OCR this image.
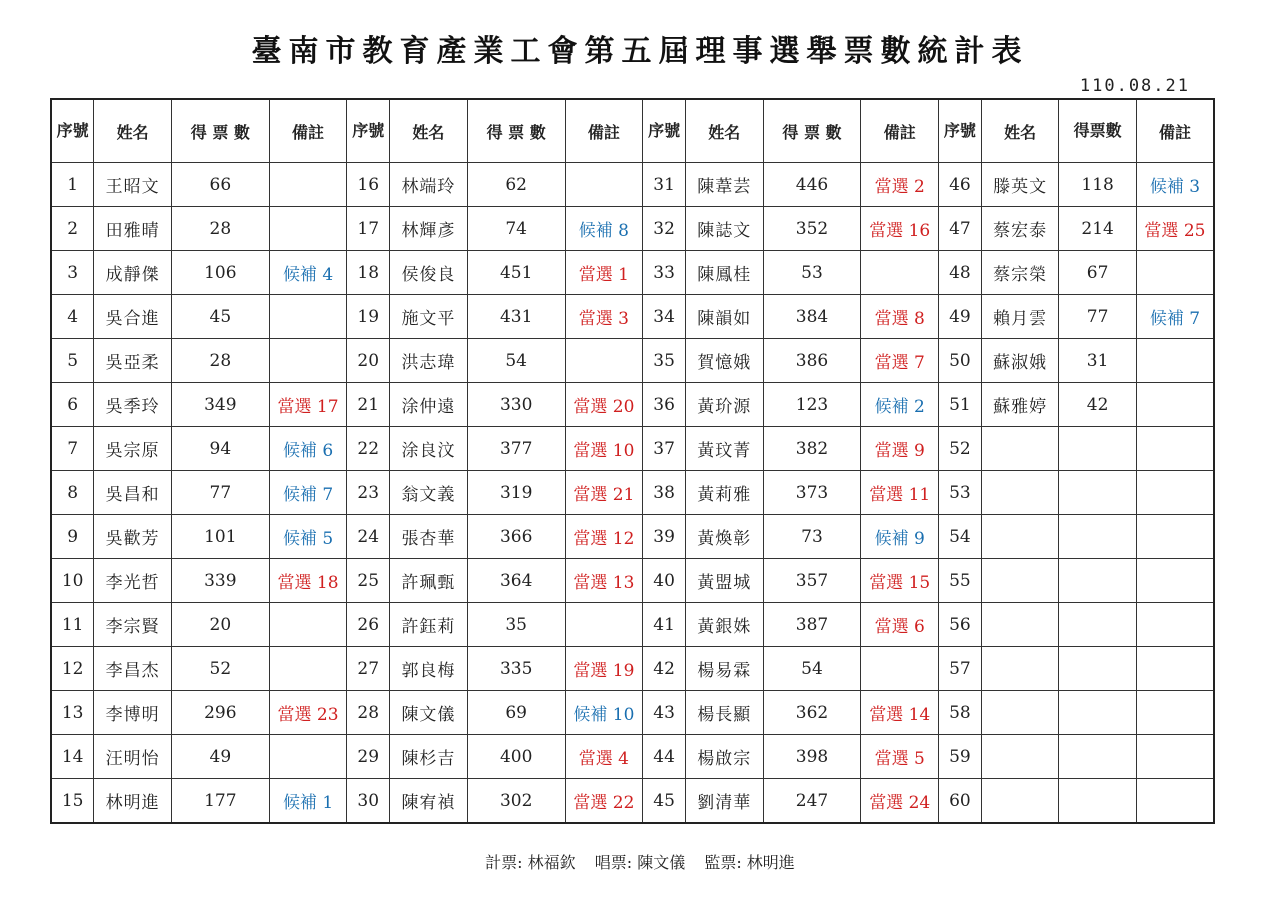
臺南市教育產業工會第五屆理事選舉票數統計表
110.08.21
序號	姓名	得 票 數	備註	序號	姓名	得 票 數	備註	序號	姓名	得 票 數	備註	序號	姓名	得票數	備註
1	王昭文	66		16	林端玲	62		31	陳葦芸	446	當選 2	46	滕英文	118	候補 3
2	田雅晴	28		17	林輝彥	74	候補 8	32	陳誌文	352	當選 16	47	蔡宏泰	214	當選 25
3	成靜傑	106	候補 4	18	侯俊良	451	當選 1	33	陳鳳桂	53		48	蔡宗榮	67	
4	吳合進	45		19	施文平	431	當選 3	34	陳韻如	384	當選 8	49	賴月雲	77	候補 7
5	吳亞柔	28		20	洪志瑋	54		35	賀憶娥	386	當選 7	50	蘇淑娥	31	
6	吳季玲	349	當選 17	21	涂仲遠	330	當選 20	36	黃玠源	123	候補 2	51	蘇雅婷	42	
7	吳宗原	94	候補 6	22	涂良汶	377	當選 10	37	黃玟菁	382	當選 9	52			
8	吳昌和	77	候補 7	23	翁文義	319	當選 21	38	黃莉雅	373	當選 11	53			
9	吳歡芳	101	候補 5	24	張杏華	366	當選 12	39	黃煥彰	73	候補 9	54			
10	李光哲	339	當選 18	25	許珮甄	364	當選 13	40	黃盟城	357	當選 15	55			
11	李宗賢	20		26	許鈺莉	35		41	黃銀姝	387	當選 6	56			
12	李昌杰	52		27	郭良梅	335	當選 19	42	楊易霖	54		57			
13	李博明	296	當選 23	28	陳文儀	69	候補 10	43	楊長顯	362	當選 14	58			
14	汪明怡	49		29	陳杉吉	400	當選 4	44	楊啟宗	398	當選 5	59			
15	林明進	177	候補 1	30	陳宥禎	302	當選 22	45	劉清華	247	當選 24	60			
計票: 林福欽 唱票: 陳文儀 監票: 林明進
